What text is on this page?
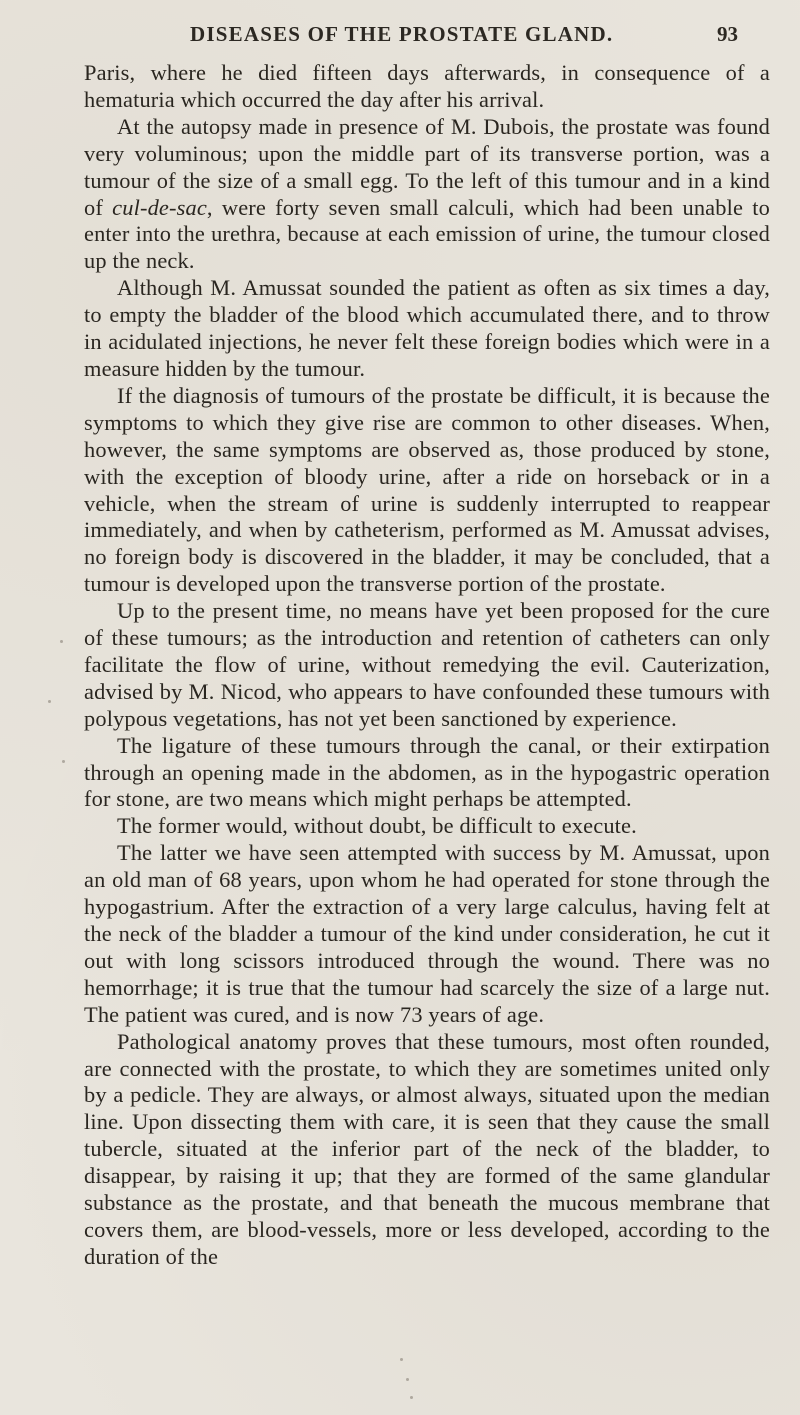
DISEASES OF THE PROSTATE GLAND.	93

Paris, where he died fifteen days afterwards, in consequence of a hematuria which occurred the day after his arrival.

At the autopsy made in presence of M. Dubois, the prostate was found very voluminous; upon the middle part of its transverse portion, was a tumour of the size of a small egg. To the left of this tumour and in a kind of cul-de-sac, were forty seven small calculi, which had been unable to enter into the urethra, because at each emission of urine, the tumour closed up the neck.

Although M. Amussat sounded the patient as often as six times a day, to empty the bladder of the blood which accumulated there, and to throw in acidulated injections, he never felt these foreign bodies which were in a measure hidden by the tumour.

If the diagnosis of tumours of the prostate be difficult, it is because the symptoms to which they give rise are common to other diseases. When, however, the same symptoms are observed as, those produced by stone, with the exception of bloody urine, after a ride on horseback or in a vehicle, when the stream of urine is suddenly interrupted to reappear immediately, and when by catheterism, performed as M. Amussat advises, no foreign body is discovered in the bladder, it may be concluded, that a tumour is developed upon the transverse portion of the prostate.

Up to the present time, no means have yet been proposed for the cure of these tumours; as the introduction and retention of catheters can only facilitate the flow of urine, without remedying the evil. Cauterization, advised by M. Nicod, who appears to have confounded these tumours with polypous vegetations, has not yet been sanctioned by experience.

The ligature of these tumours through the canal, or their extirpation through an opening made in the abdomen, as in the hypogastric operation for stone, are two means which might perhaps be attempted.

The former would, without doubt, be difficult to execute.

The latter we have seen attempted with success by M. Amussat, upon an old man of 68 years, upon whom he had operated for stone through the hypogastrium. After the extraction of a very large calculus, having felt at the neck of the bladder a tumour of the kind under consideration, he cut it out with long scissors introduced through the wound. There was no hemorrhage; it is true that the tumour had scarcely the size of a large nut. The patient was cured, and is now 73 years of age.

Pathological anatomy proves that these tumours, most often rounded, are connected with the prostate, to which they are sometimes united only by a pedicle. They are always, or almost always, situated upon the median line. Upon dissecting them with care, it is seen that they cause the small tubercle, situated at the inferior part of the neck of the bladder, to disappear, by raising it up; that they are formed of the same glandular substance as the prostate, and that beneath the mucous membrane that covers them, are blood-vessels, more or less developed, according to the duration of the
